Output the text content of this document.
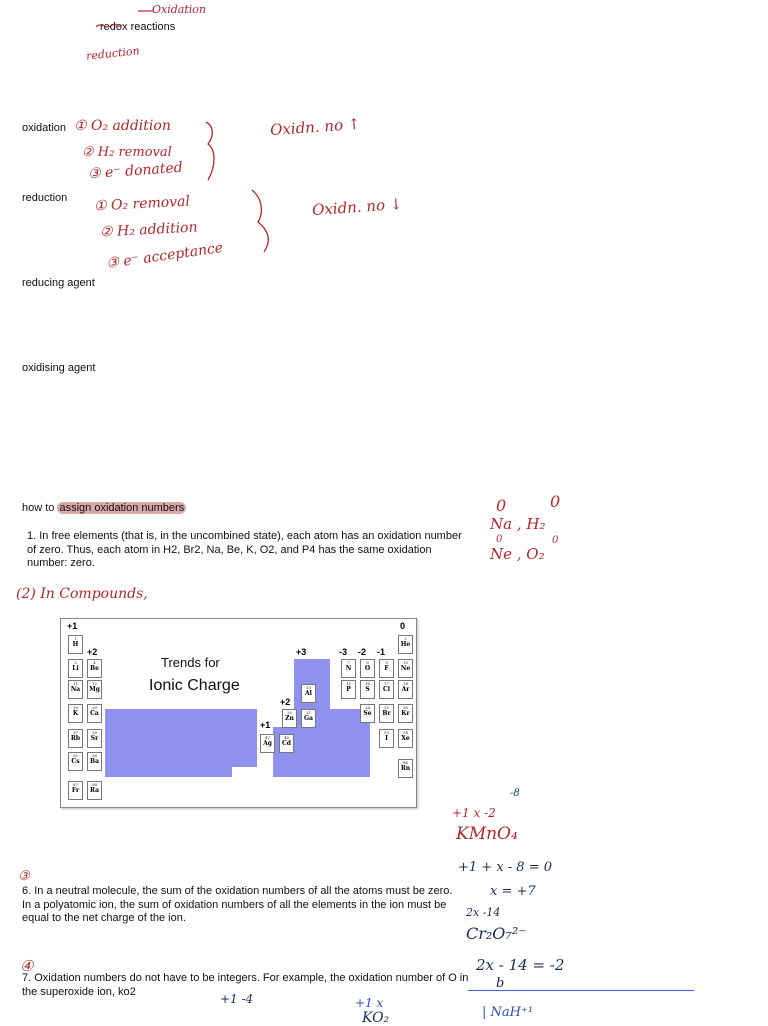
redox reactions
Oxidation
reduction
oxidation
reduction
reducing agent
oxidising agent
① O₂ addition
② H₂ removal
③ e⁻ donated
Oxidn. no ↑
① O₂ removal
② H₂ addition
③ e⁻ acceptance
Oxidn. no ↓
how to assign oxidation numbers
1. In free elements (that is, in the uncombined state), each atom has an oxidation number of zero. Thus, each atom in H2, Br2, Na, Be, K, O2, and P4 has the same oxidation number: zero.
0	0
Na , H₂
0	0
Ne , O₂
(2) In Compounds,
+1
+2	+3	-3 -2 -1
0
+2
+1
Trends for
Ionic Charge
1
H
2
He
3
Li
4
Be
7
N
8
O
9
F
10
Ne
11
Na
12
Mg	13
Al
15
P
16
S
17
Cl
18
Ar
19
K
20
Ca	30
Zn
31
Ga
34
Se
35
Br
36
Kr
37
Rb
38
Sr	47
Ag
48
Cd
53
I
54
Xe
55
Cs
56
Ba	86
Rn
87
Fr
88
Ra
③
6. In a neutral molecule, the sum of the oxidation numbers of all the atoms must be zero. In a polyatomic ion, the sum of oxidation numbers of all the elements in the ion must be equal to the net charge of the ion.
④
7. Oxidation numbers do not have to be integers. For example, the oxidation number of O in the superoxide ion, ko2
-8
+1 x -2
KMnO₄
+1 + x - 8 = 0
x = +7
2x -14
Cr₂O₇²⁻
2x - 14 = -2
b
+1 -4	+1 x
KO₂	| NaH⁺¹
